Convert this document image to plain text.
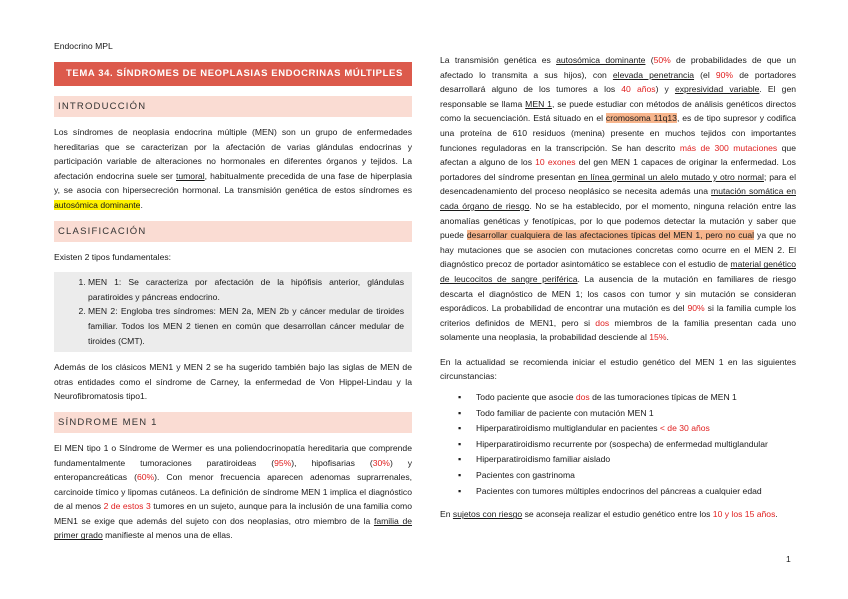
Endocrino MPL
TEMA 34. SÍNDROMES DE NEOPLASIAS ENDOCRINAS MÚLTIPLES
INTRODUCCIÓN

Los síndromes de neoplasia endocrina múltiple (MEN) son un grupo de enfermedades hereditarias que se caracterizan por la afectación de varias glándulas endocrinas y participación variable de alteraciones no hormonales en diferentes órganos y tejidos. La afectación endocrina suele ser tumoral, habitualmente precedida de una fase de hiperplasia y, se asocia con hipersecreción hormonal. La transmisión genética de estos síndromes es autosómica dominante.

CLASIFICACIÓN

Existen 2 tipos fundamentales:

1. MEN 1: Se caracteriza por afectación de la hipófisis anterior, glándulas paratiroides y páncreas endocrino.
2. MEN 2: Engloba tres síndromes: MEN 2a, MEN 2b y cáncer medular de tiroides familiar. Todos los MEN 2 tienen en común que desarrollan cáncer medular de tiroides (CMT).

Además de los clásicos MEN1 y MEN 2 se ha sugerido también bajo las siglas de MEN de otras entidades como el síndrome de Carney, la enfermedad de Von Hippel-Lindau y la Neurofibromatosis tipo1.

SÍNDROME MEN 1

El MEN tipo 1 o Síndrome de Wermer es una poliendocrinopatía hereditaria que comprende fundamentalmente tumoraciones paratiroideas (95%), hipofisarias (30%) y enteropancreáticas (60%). Con menor frecuencia aparecen adenomas suprarrenales, carcinoide tímico y lipomas cutáneos. La definición de síndrome MEN 1 implica el diagnóstico de al menos 2 de estos 3 tumores en un sujeto, aunque para la inclusión de una familia como MEN1 se exige que además del sujeto con dos neoplasias, otro miembro de la familia de primer grado manifieste al menos una de ellas.

La transmisión genética es autosómica dominante (50% de probabilidades de que un afectado lo transmita a sus hijos), con elevada penetrancia (el 90% de portadores desarrollará alguno de los tumores a los 40 años) y expresividad variable. El gen responsable se llama MEN 1, se puede estudiar con métodos de análisis genéticos directos como la secuenciación. Está situado en el cromosoma 11q13, es de tipo supresor y codifica una proteína de 610 residuos (menina) presente en muchos tejidos con importantes funciones reguladoras en la transcripción. Se han descrito más de 300 mutaciones que afectan a alguno de los 10 exones del gen MEN 1 capaces de originar la enfermedad. Los portadores del síndrome presentan en línea germinal un alelo mutado y otro normal; para el desencadenamiento del proceso neoplásico se necesita además una mutación somática en cada órgano de riesgo. No se ha establecido, por el momento, ninguna relación entre las anomalías genéticas y fenotípicas, por lo que podemos detectar la mutación y saber que puede desarrollar cualquiera de las afectaciones típicas del MEN 1, pero no cual ya que no hay mutaciones que se asocien con mutaciones concretas como ocurre en el MEN 2. El diagnóstico precoz de portador asintomático se establece con el estudio de material genético de leucocitos de sangre periférica. La ausencia de la mutación en familiares de riesgo descarta el diagnóstico de MEN 1; los casos con tumor y sin mutación se consideran esporádicos. La probabilidad de encontrar una mutación es del 90% si la familia cumple los criterios definidos de MEN1, pero si dos miembros de la familia presentan cada uno solamente una neoplasia, la probabilidad desciende al 15%.

En la actualidad se recomienda iniciar el estudio genético del MEN 1 en las siguientes circunstancias:

▪ Todo paciente que asocie dos de las tumoraciones típicas de MEN 1
▪ Todo familiar de paciente con mutación MEN 1
▪ Hiperparatiroidismo multiglandular en pacientes < de 30 años
▪ Hiperparatiroidismo recurrente por (sospecha) de enfermedad multiglandular
▪ Hiperparatiroidismo familiar aislado
▪ Pacientes con gastrinoma
▪ Pacientes con tumores múltiples endocrinos del páncreas a cualquier edad

En sujetos con riesgo se aconseja realizar el estudio genético entre los 10 y los 15 años.

1
